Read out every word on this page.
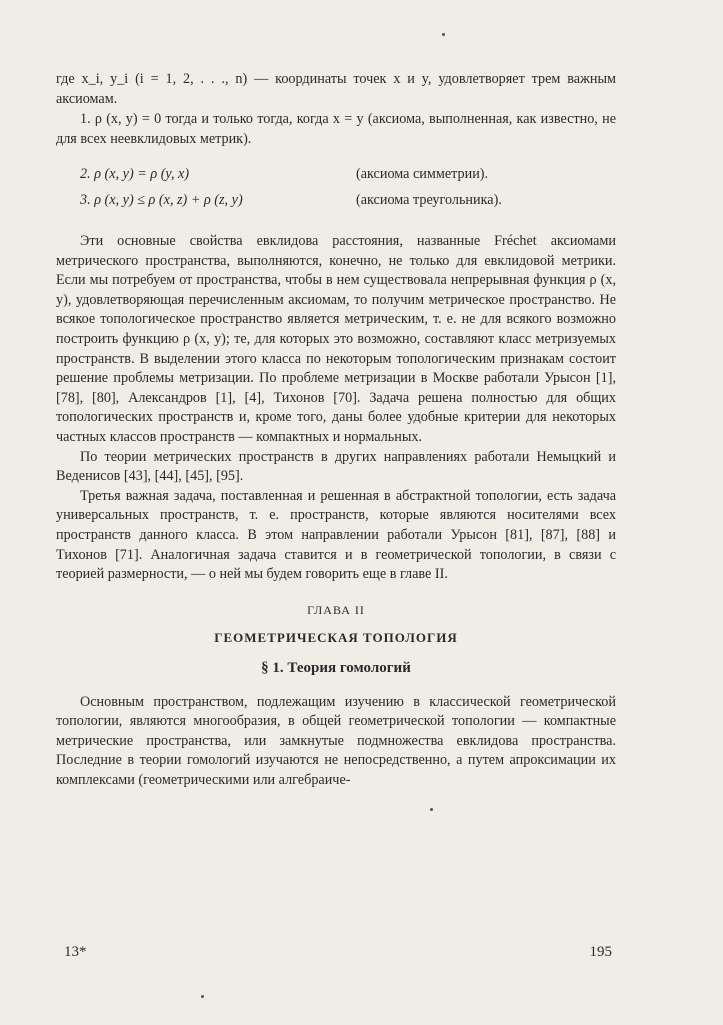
где x_i, y_i (i = 1, 2, . . ., n) — координаты точек x и y, удовлетворяет трем важным аксиомам.

1. ρ (x, y) = 0 тогда и только тогда, когда x = y (аксиома, выполненная, как известно, не для всех неевклидовых метрик).

2. ρ (x, y) = ρ (y, x)	(аксиома симметрии).
3. ρ (x, y) ≤ ρ (x, z) + ρ (z, y)	(аксиома треугольника).

Эти основные свойства евклидова расстояния, названные Fréchet аксиомами метрического пространства, выполняются, конечно, не только для евклидовой метрики. Если мы потребуем от пространства, чтобы в нем существовала непрерывная функция ρ (x, y), удовлетворяющая перечисленным аксиомам, то получим метрическое пространство. Не всякое топологическое пространство является метрическим, т. е. не для всякого возможно построить функцию ρ (x, y); те, для которых это возможно, составляют класс метризуемых пространств. В выделении этого класса по некоторым топологическим признакам состоит решение проблемы метризации. По проблеме метризации в Москве работали Урысон [1], [78], [80], Александров [1], [4], Тихонов [70]. Задача решена полностью для общих топологических пространств и, кроме того, даны более удобные критерии для некоторых частных классов пространств — компактных и нормальных.

По теории метрических пространств в других направлениях работали Немыцкий и Веденисов [43], [44], [45], [95].

Третья важная задача, поставленная и решенная в абстрактной топологии, есть задача универсальных пространств, т. е. пространств, которые являются носителями всех пространств данного класса. В этом направлении работали Урысон [81], [87], [88] и Тихонов [71]. Аналогичная задача ставится и в геометрической топологии, в связи с теорией размерности, — о ней мы будем говорить еще в главе II.

ГЛАВА II

ГЕОМЕТРИЧЕСКАЯ ТОПОЛОГИЯ

§ 1. Теория гомологий

Основным пространством, подлежащим изучению в классической геометрической топологии, являются многообразия, в общей геометрической топологии — компактные метрические пространства, или замкнутые подмножества евклидова пространства. Последние в теории гомологий изучаются не непосредственно, а путем апроксимации их комплексами (геометрическими или алгебраиче-

13*	195
